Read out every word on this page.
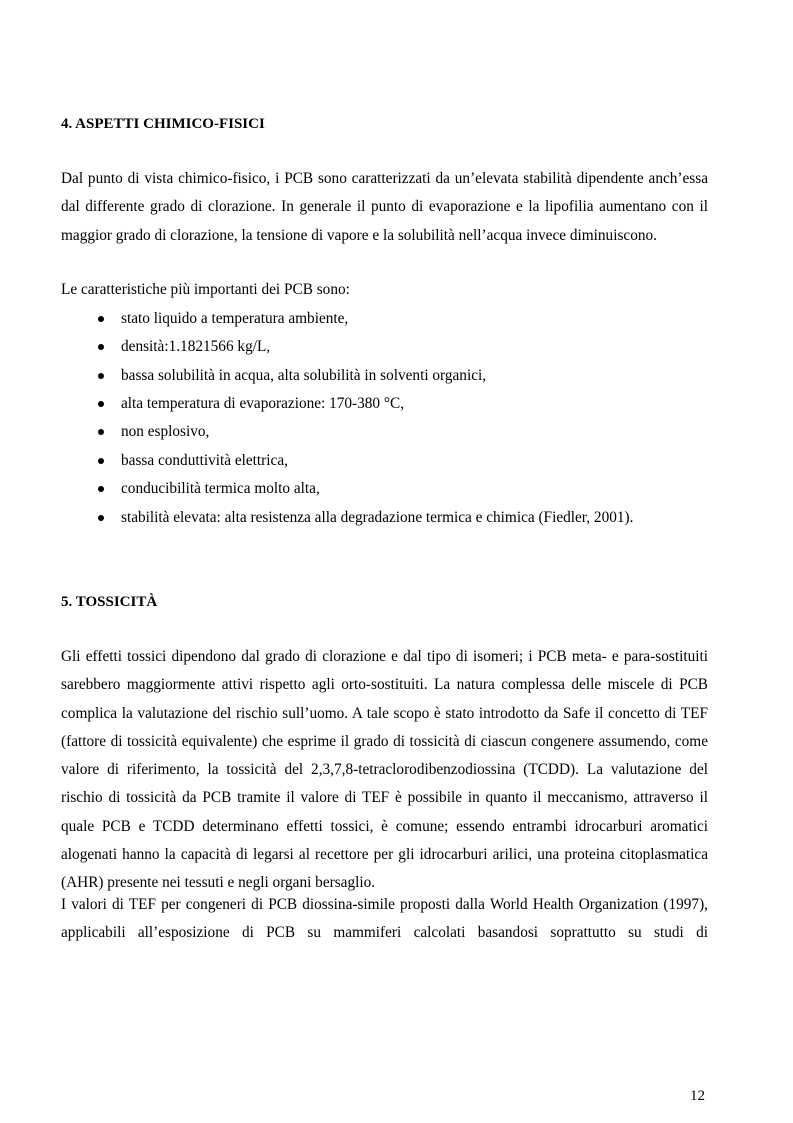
4. ASPETTI CHIMICO-FISICI

Dal punto di vista chimico-fisico, i PCB sono caratterizzati da un’elevata stabilità dipendente anch’essa dal differente grado di clorazione. In generale il punto di evaporazione e la lipofilia aumentano con il maggior grado di clorazione, la tensione di vapore e la solubilità nell’acqua invece diminuiscono.

Le caratteristiche più importanti dei PCB sono:

stato liquido a temperatura ambiente,
densità:1.1821566 kg/L,
bassa solubilità in acqua, alta solubilità in solventi organici,
alta temperatura di evaporazione: 170-380 °C,
non esplosivo,
bassa conduttività elettrica,
conducibilità termica molto alta,
stabilità elevata: alta resistenza alla degradazione termica e chimica (Fiedler, 2001).
5. TOSSICITÀ

Gli effetti tossici dipendono dal grado di clorazione e dal tipo di isomeri; i PCB meta- e para-sostituiti sarebbero maggiormente attivi rispetto agli orto-sostituiti. La natura complessa delle miscele di PCB complica la valutazione del rischio sull’uomo. A tale scopo è stato introdotto da Safe il concetto di TEF (fattore di tossicità equivalente) che esprime il grado di tossicità di ciascun congenere assumendo, come valore di riferimento, la tossicità del 2,3,7,8-tetraclorodibenzodiossina (TCDD). La valutazione del rischio di tossicità da PCB tramite il valore di TEF è possibile in quanto il meccanismo, attraverso il quale PCB e TCDD determinano effetti tossici, è comune; essendo entrambi idrocarburi aromatici alogenati hanno la capacità di legarsi al recettore per gli idrocarburi arilici, una proteina citoplasmatica (AHR) presente nei tessuti e negli organi bersaglio.

I valori di TEF per congeneri di PCB diossina-simile proposti dalla World Health Organization (1997), applicabili all’esposizione di PCB su mammiferi calcolati basandosi soprattutto su studi di

12
